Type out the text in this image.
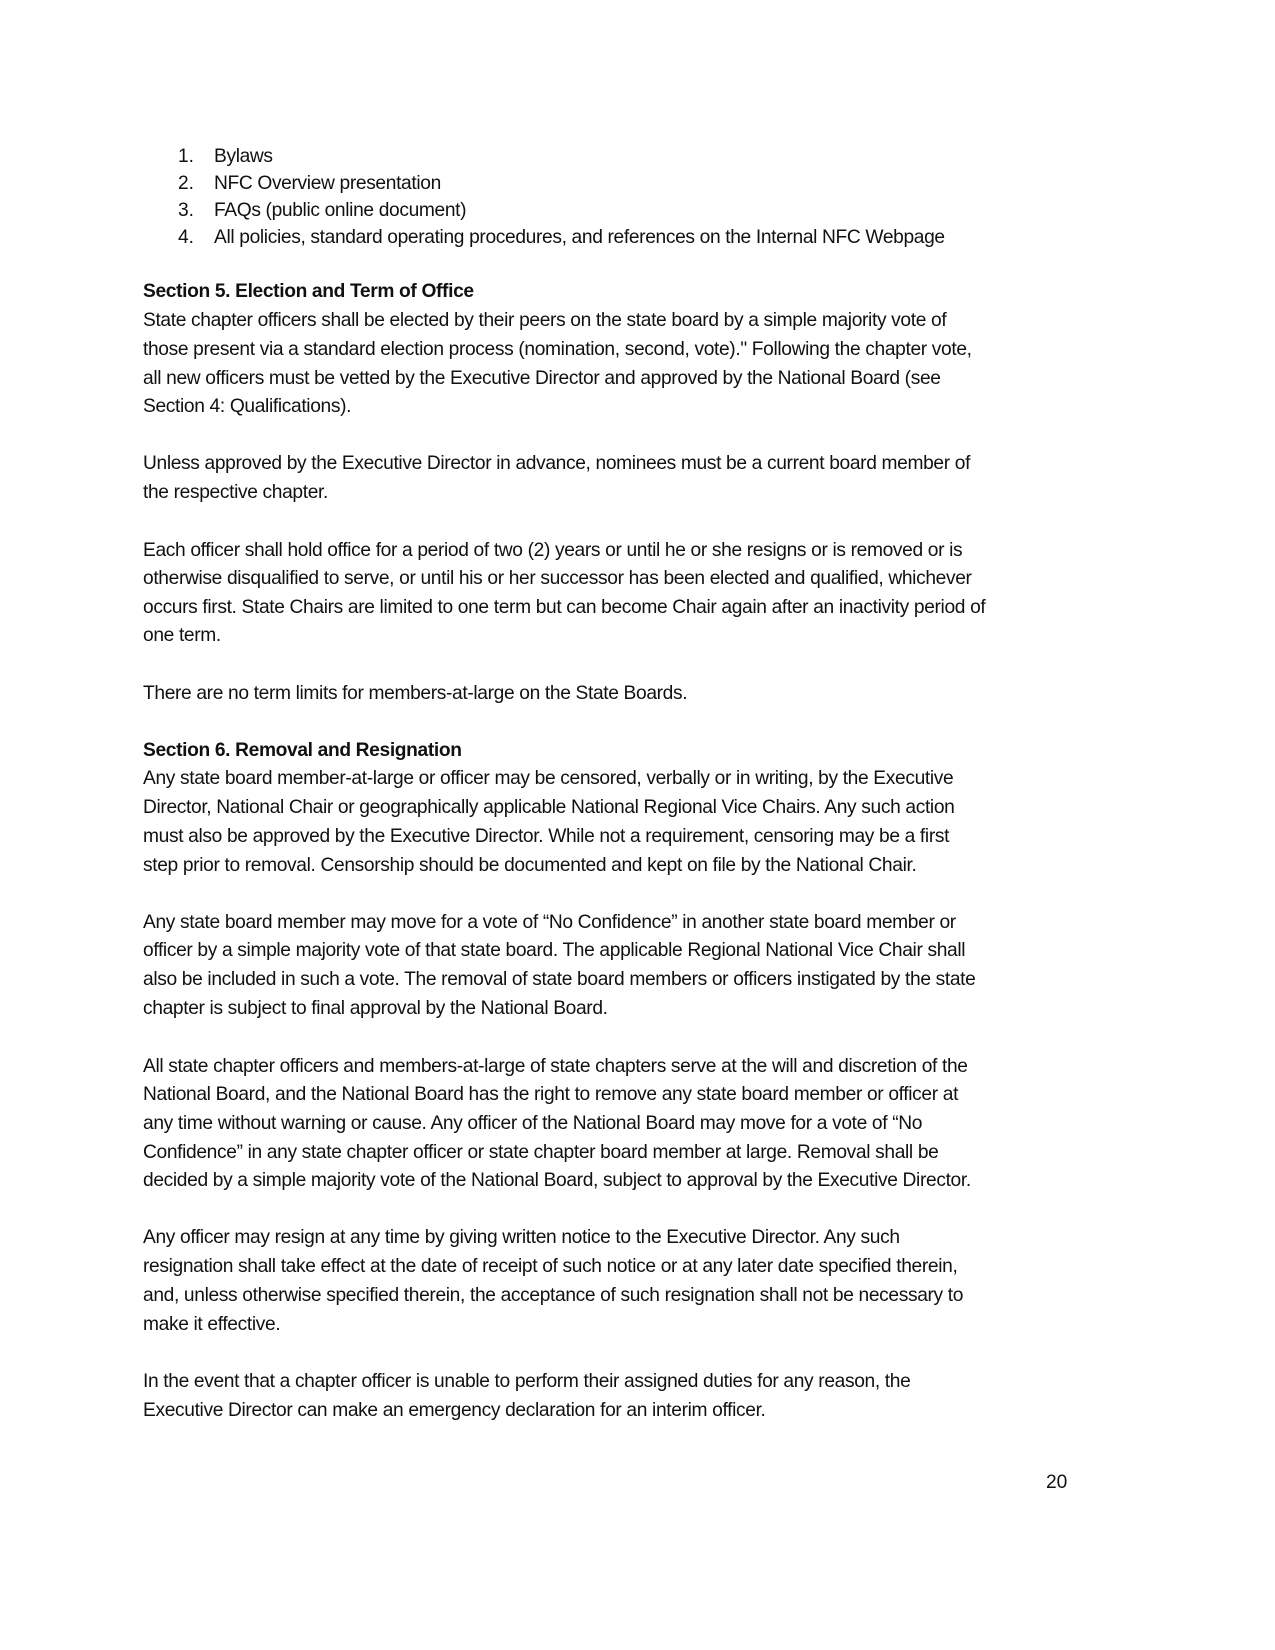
1. Bylaws
2. NFC Overview presentation
3. FAQs (public online document)
4. All policies, standard operating procedures, and references on the Internal NFC Webpage
Section 5. Election and Term of Office
State chapter officers shall be elected by their peers on the state board by a simple majority vote of
those present via a standard election process (nomination, second, vote)." Following the chapter vote,
all new officers must be vetted by the Executive Director and approved by the National Board (see
Section 4: Qualifications).
Unless approved by the Executive Director in advance, nominees must be a current board member of
the respective chapter.
Each officer shall hold office for a period of two (2) years or until he or she resigns or is removed or is
otherwise disqualified to serve, or until his or her successor has been elected and qualified, whichever
occurs first. State Chairs are limited to one term but can become Chair again after an inactivity period of
one term.
There are no term limits for members-at-large on the State Boards.
Section 6. Removal and Resignation
Any state board member-at-large or officer may be censored, verbally or in writing, by the Executive
Director, National Chair or geographically applicable National Regional Vice Chairs. Any such action
must also be approved by the Executive Director. While not a requirement, censoring may be a first
step prior to removal. Censorship should be documented and kept on file by the National Chair.
Any state board member may move for a vote of “No Confidence” in another state board member or
officer by a simple majority vote of that state board. The applicable Regional National Vice Chair shall
also be included in such a vote. The removal of state board members or officers instigated by the state
chapter is subject to final approval by the National Board.
All state chapter officers and members-at-large of state chapters serve at the will and discretion of the
National Board, and the National Board has the right to remove any state board member or officer at
any time without warning or cause. Any officer of the National Board may move for a vote of “No
Confidence” in any state chapter officer or state chapter board member at large. Removal shall be
decided by a simple majority vote of the National Board, subject to approval by the Executive Director.
Any officer may resign at any time by giving written notice to the Executive Director. Any such
resignation shall take effect at the date of receipt of such notice or at any later date specified therein,
and, unless otherwise specified therein, the acceptance of such resignation shall not be necessary to
make it effective.
In the event that a chapter officer is unable to perform their assigned duties for any reason, the
Executive Director can make an emergency declaration for an interim officer.
20
